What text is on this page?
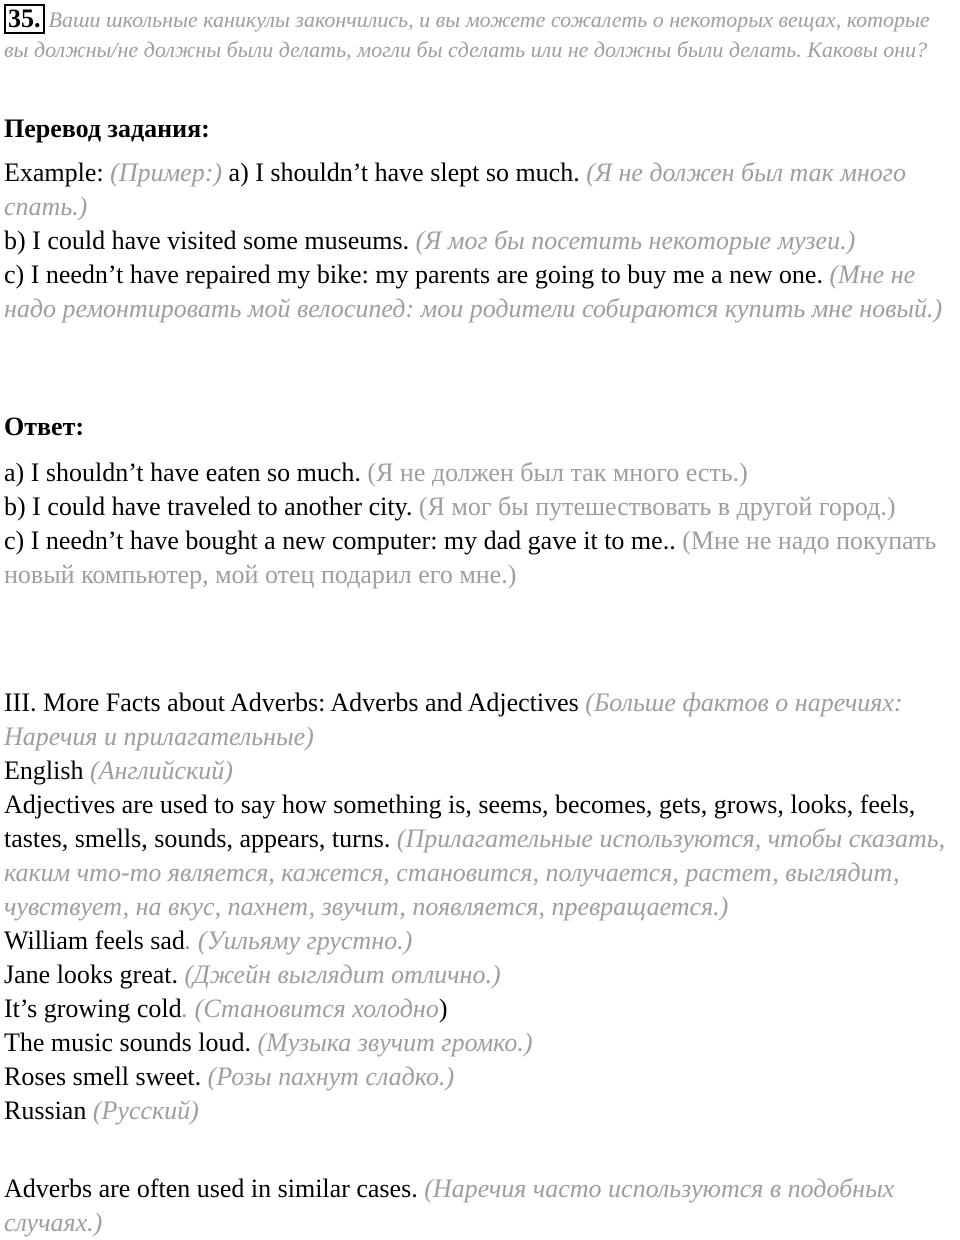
35. Ваши школьные каникулы закончились, и вы можете сожалеть о некоторых вещах, которые вы должны/не должны были делать, могли бы сделать или не должны были делать. Каковы они?

Перевод задания:

Example: (Пример:) a) I shouldn’t have slept so much. (Я не должен был так много спать.)
b) I could have visited some museums. (Я мог бы посетить некоторые музеи.)
c) I needn’t have repaired my bike: my parents are going to buy me a new one. (Мне не надо ремонтировать мой велосипед: мои родители собираются купить мне новый.)

Ответ:

a) I shouldn’t have eaten so much. (Я не должен был так много есть.)
b) I could have traveled to another city. (Я мог бы путешествовать в другой город.)
c) I needn’t have bought a new computer: my dad gave it to me.. (Мне не надо покупать новый компьютер, мой отец подарил его мне.)

III. More Facts about Adverbs: Adverbs and Adjectives (Больше фактов о наречиях: Наречия и прилагательные)
English (Английский)
Adjectives are used to say how something is, seems, becomes, gets, grows, looks, feels, tastes, smells, sounds, appears, turns. (Прилагательные используются, чтобы сказать, каким что-то является, кажется, становится, получается, растет, выглядит, чувствует, на вкус, пахнет, звучит, появляется, превращается.)
William feels sad. (Уильяму грустно.)
Jane looks great. (Джейн выглядит отлично.)
It’s growing cold. (Становится холодно)
The music sounds loud. (Музыка звучит громко.)
Roses smell sweet. (Розы пахнут сладко.)
Russian (Русский)

Adverbs are often used in similar cases. (Наречия часто используются в подобных случаях.)
